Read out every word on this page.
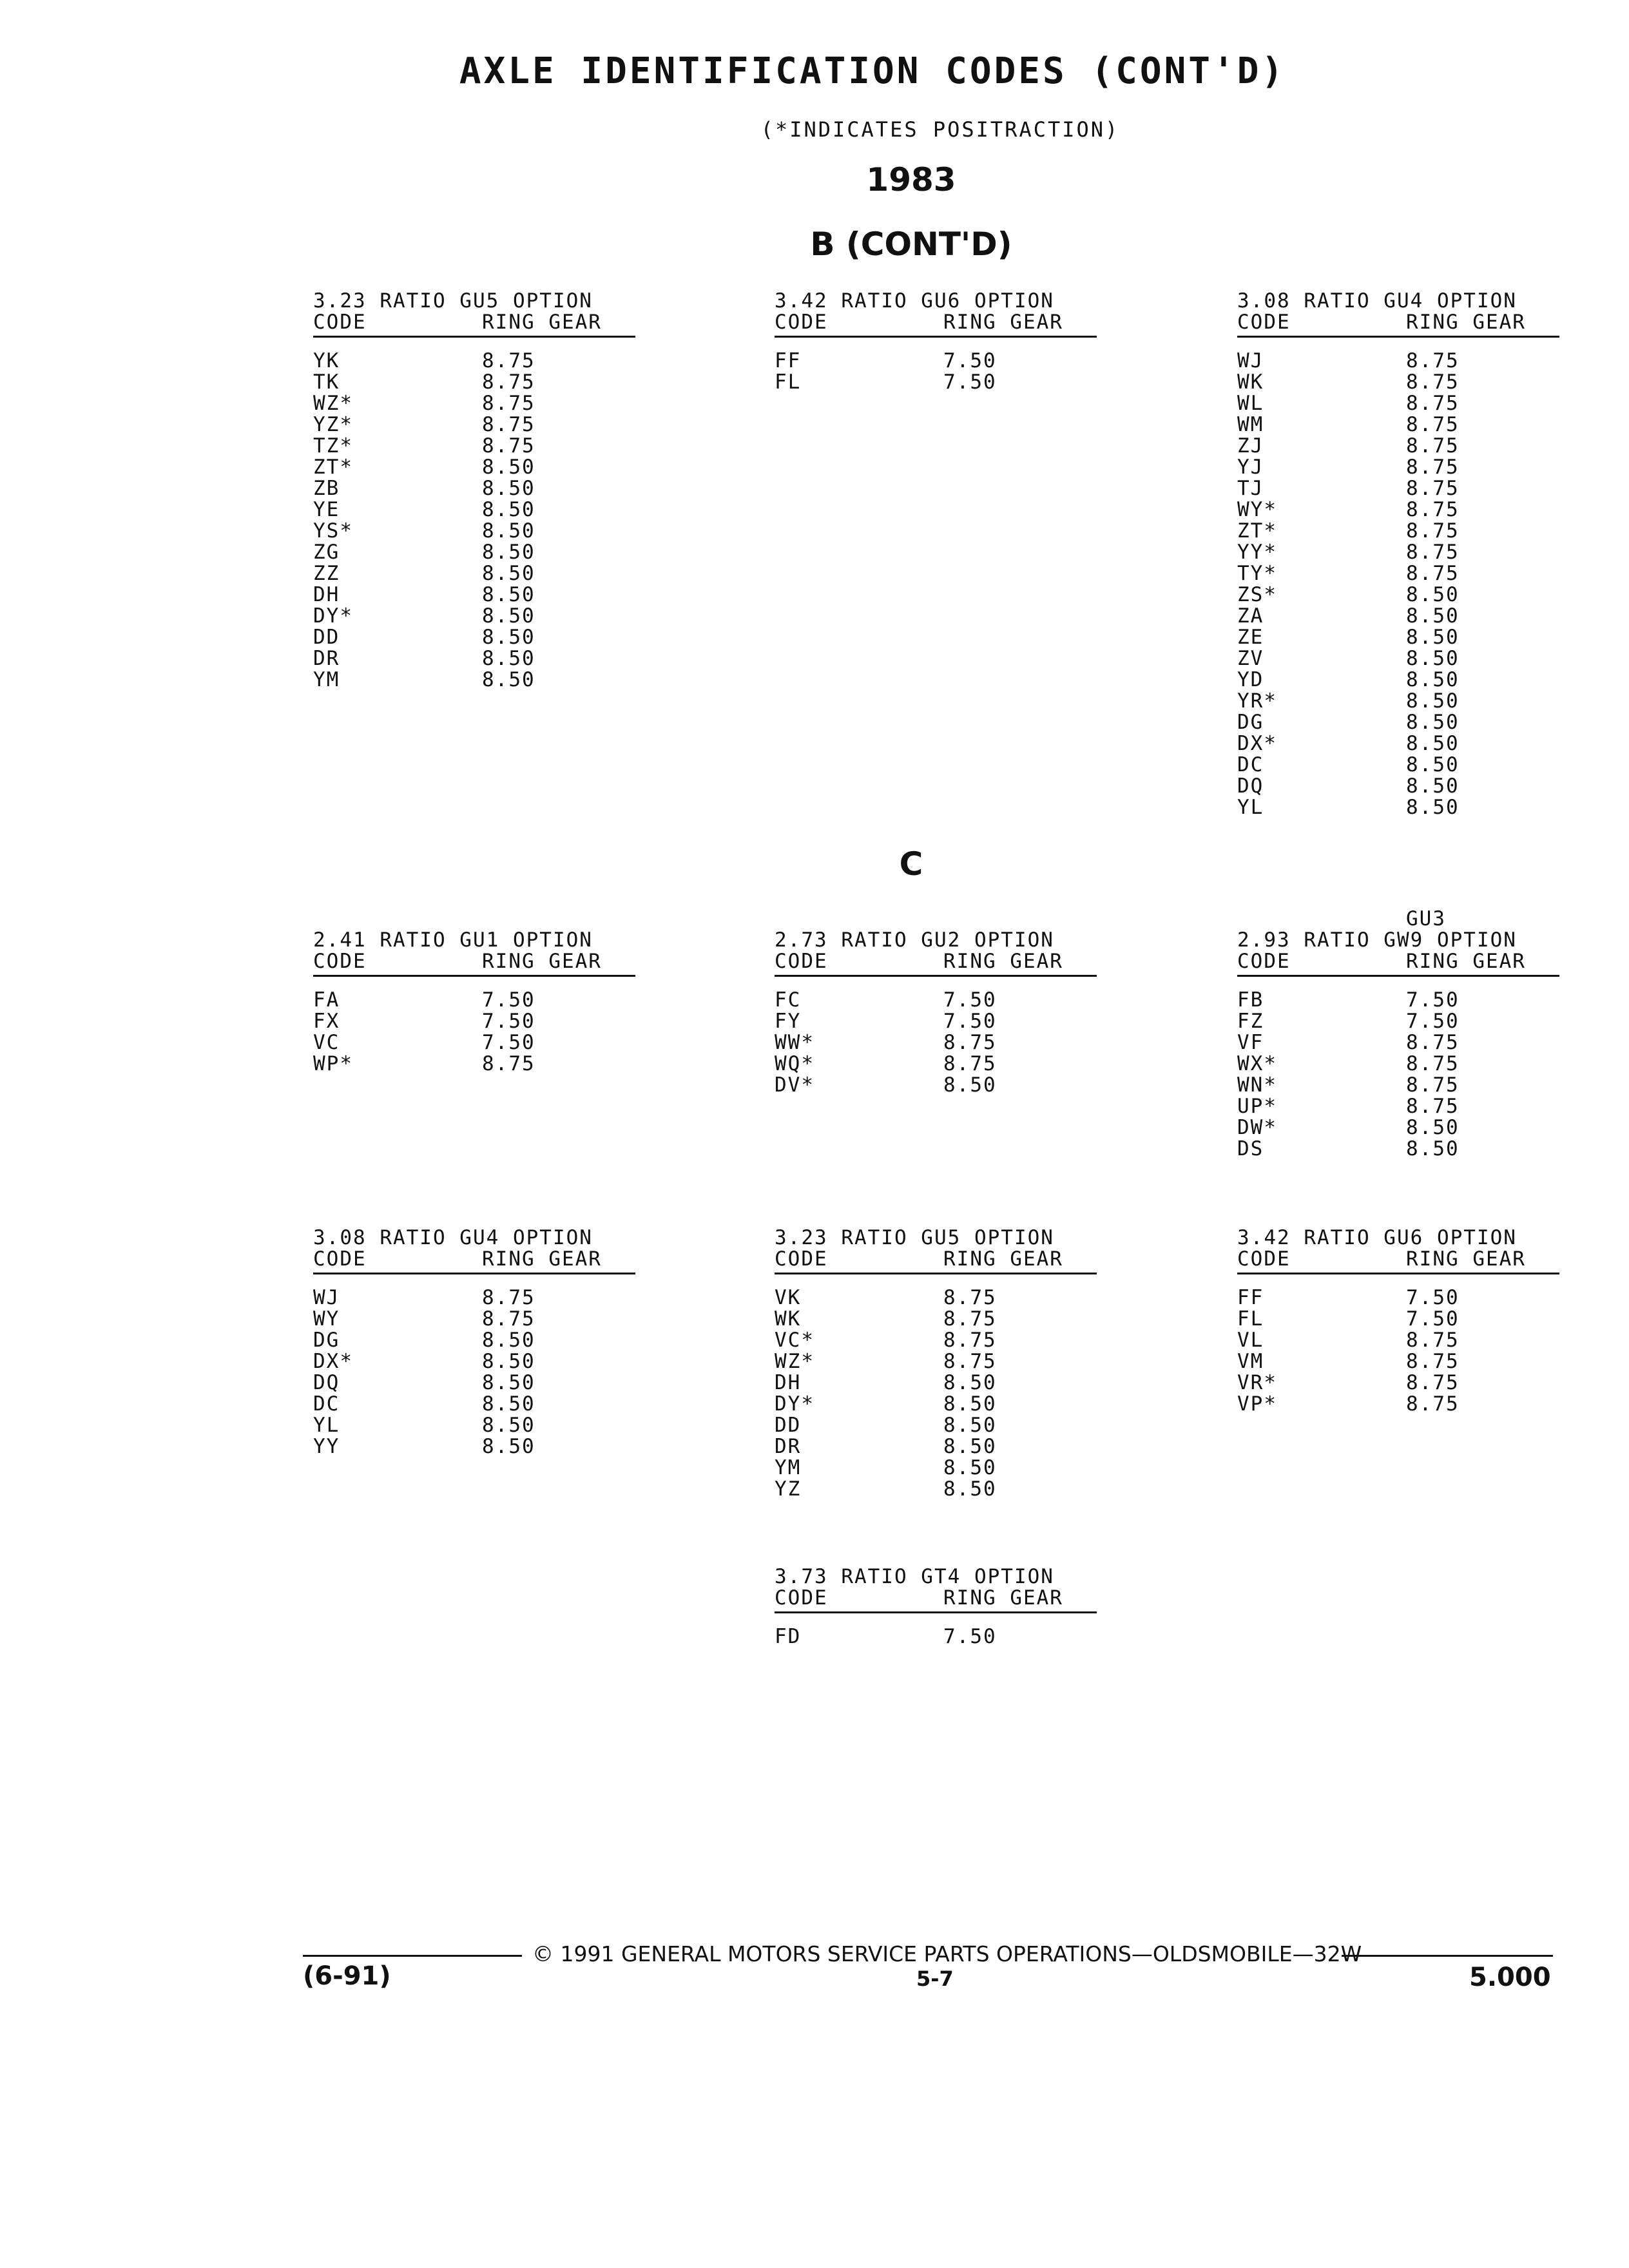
AXLE IDENTIFICATION CODES (CONT'D)
(*INDICATES POSITRACTION)
1983
B (CONT'D)
C
3.23 RATIO GU5 OPTION
CODE	RING GEAR
YK	8.75
TK	8.75
WZ*	8.75
YZ*	8.75
TZ*	8.75
ZT*	8.50
ZB	8.50
YE	8.50
YS*	8.50
ZG	8.50
ZZ	8.50
DH	8.50
DY*	8.50
DD	8.50
DR	8.50
YM	8.50
3.42 RATIO GU6 OPTION
CODE	RING GEAR
FF	7.50
FL	7.50
3.08 RATIO GU4 OPTION
CODE	RING GEAR
WJ	8.75
WK	8.75
WL	8.75
WM	8.75
ZJ	8.75
YJ	8.75
TJ	8.75
WY*	8.75
ZT*	8.75
YY*	8.75
TY*	8.75
ZS*	8.50
ZA	8.50
ZE	8.50
ZV	8.50
YD	8.50
YR*	8.50
DG	8.50
DX*	8.50
DC	8.50
DQ	8.50
YL	8.50
2.41 RATIO GU1 OPTION
CODE	RING GEAR
FA	7.50
FX	7.50
VC	7.50
WP*	8.75
2.73 RATIO GU2 OPTION
CODE	RING GEAR
FC	7.50
FY	7.50
WW*	8.75
WQ*	8.75
DV*	8.50
GU3
2.93 RATIO GW9 OPTION
CODE	RING GEAR
FB	7.50
FZ	7.50
VF	8.75
WX*	8.75
WN*	8.75
UP*	8.75
DW*	8.50
DS	8.50
3.08 RATIO GU4 OPTION
CODE	RING GEAR
WJ	8.75
WY	8.75
DG	8.50
DX*	8.50
DQ	8.50
DC	8.50
YL	8.50
YY	8.50
3.23 RATIO GU5 OPTION
CODE	RING GEAR
VK	8.75
WK	8.75
VC*	8.75
WZ*	8.75
DH	8.50
DY*	8.50
DD	8.50
DR	8.50
YM	8.50
YZ	8.50
3.42 RATIO GU6 OPTION
CODE	RING GEAR
FF	7.50
FL	7.50
VL	8.75
VM	8.75
VR*	8.75
VP*	8.75
3.73 RATIO GT4 OPTION
CODE	RING GEAR
FD	7.50
© 1991 GENERAL MOTORS SERVICE PARTS OPERATIONS—OLDSMOBILE—32W
(6-91)	5-7	5.000
